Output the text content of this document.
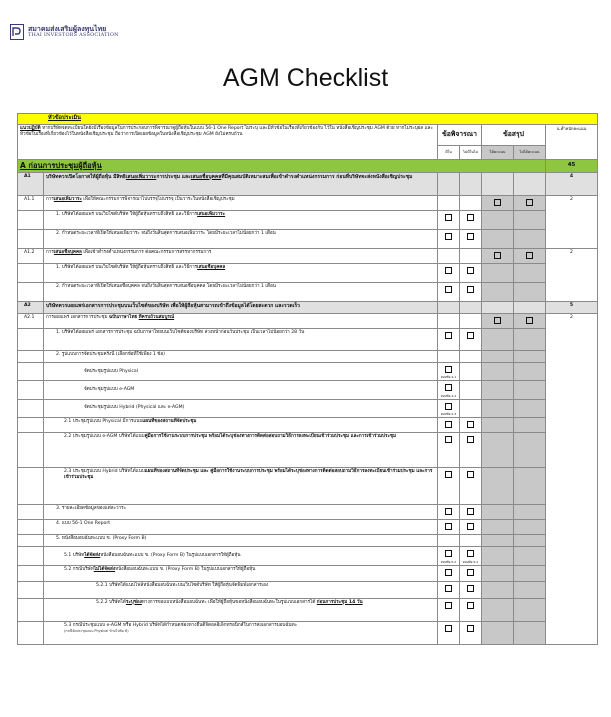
สมาคมส่งเสริมผู้ลงทุนไทย
THAI INVESTORS ASSOCIATION
AGM Checklist
หัวข้อประเมิน						
แนวปฏิบัติ หากบริษัทจดทะเบียนใดยังมีเรื่องข้อมูลในการประกอบการพิจารณาดูผู้ถือหุ้นในแบบ 56-1 One Report ไม่ระบุ และมีหัวข้อในเรื่องที่เกี่ยวข้องกับ ไว้ใน หนังสือเชิญประชุม AGM ด้วย หากไม่ระบุผล และหัวข้อในเรื่องที่เกี่ยวข้องไว้ในหนังสือเชิญประชุม ถือว่าการเปิดเผยข้อมูลในหนังสือเชิญประชุม AGM ยังไม่ครบถ้วน		ข้อพิจารณา		ข้อสรุป		น.ค้ำหนักคะแนน
		มีใน	ไม่มีในไม่	ได้คะแนน	ไม่ได้คะแนน	
A ก่อนการประชุมผู้ถือหุ้น						45
A1	บริษัทควรเปิดโอกาสให้ผู้ถือหุ้น มีสิทธิเสนอเพิ่มวาระการประชุม และเสนอชื่อบุคคลที่มีคุณสมบัติเหมาะสมเพื่อเข้าดำรงตำแหน่งกรรมการ ก่อนที่บริษัทจะส่งหนังสือเชิญประชุม					4
A1.1	การเสนอเพิ่มวาระ เพื่อให้คณะกรรมการพิจารณาไปบรรจุไม่บรรจุ เป็นวาระในหนังสือเชิญประชุม					2
	1. บริษัทได้เผยแพร่ บนเว็บไซต์บริษัท ให้ผู้ถือหุ้นทราบถึงสิทธิ และวิธีการเสนอเพิ่มวาระ					
	2. กำหนดระยะเวลาที่เปิดให้เสนอเพิ่มวาระ จนถึงวันสิ้นสุดการเสนอเพิ่มวาระ โดยมีระยะเวลาไม่น้อยกว่า 1 เดือน					
A1.2	การเสนอชื่อบุคคล เพื่อเข้าดำรงตำแหน่งกรรมการ ต่อคณะกรรมการสรรหากรรมการ					2
	1. บริษัทได้เผยแพร่ บนเว็บไซต์บริษัท ให้ผู้ถือหุ้นทราบถึงสิทธิ และวิธีการเสนอชื่อบุคคล					
	2. กำหนดระยะเวลาที่เปิดให้เสนอชื่อบุคคล จนถึงวันสิ้นสุดการเสนอชื่อบุคคล โดยมีระยะเวลาไม่น้อยกว่า 1 เดือน					
A2	บริษัทควรเผยแพร่เอกสารการประชุมบนเว็บไซต์ของบริษัท เพื่อให้ผู้ถือหุ้นสามารถเข้าถึงข้อมูลได้โดยสะดวก และรวดเร็ว					5
A2.1	การเผยแพร่ เอกสารการประชุม ฉบับภาษาไทย ที่ครบถ้วนสมบูรณ์					2
	1. บริษัทได้เผยแพร่ เอกสารการประชุม ฉบับภาษาไทยบนเว็บไซต์ของบริษัท ล่วงหน้าก่อนวันประชุม เป็นเวลาไม่น้อยกว่า 28 วัน					
	2. รูปแบบการจัดประชุมครั้งนี้ (เลือกข้อที่ใช้เพียง 1 ข้อ)					
	จัดประชุมรูปแบบ Physical	ตอบข้อ 2.1				

	จัดประชุมรูปแบบ e-AGM	ตอบข้อ 2.2				

	จัดประชุมรูปแบบ Hybrid (Physical และ e-AGM)	ตอบข้อ 2.3				

	2.1 ประชุมรูปแบบ Physical มีการแนบแผนที่ของสถานที่จัดประชุม					
	2.2 ประชุมรูปแบบ e-AGM บริษัทได้แนบคู่มือการใช้งานระบบการประชุม พร้อมได้ระบุช่องทางการติดต่อสอบถามวิธีการลงทะเบียนเข้าร่วมประชุม และการเข้าร่วมประชุม					
	2.3 ประชุมรูปแบบ Hybrid บริษัทได้แนบแผนที่ของสถานที่จัดประชุม และ คู่มือการใช้งานระบบการประชุม พร้อมได้ระบุช่องทางการติดต่อสอบถามวิธีการลงทะเบียนเข้าร่วมประชุม และการเข้าร่วมประชุม					
	3. รายละเอียดข้อมูลของแต่ละวาระ					
	4. แบบ 56-1 One Report					
	5. หนังสือมอบฉันทะแบบ ข. (Proxy Form B)					
	5.1 บริษัทได้จัดส่งหนังสือมอบฉันทะแบบ ข. (Proxy Form B) ในรูปแบบเอกสารให้ผู้ถือหุ้น	ตอบข้อ 5.2	ตอบข้อ 5.2			

	5.2 กรณีบริษัทไม่ได้จัดส่งหนังสือมอบฉันทะแบบ ข. (Proxy Form B) ในรูปแบบเอกสารให้ผู้ถือหุ้น					
	5.2.1 บริษัทได้แนบไฟล์หนังสือมอบฉันทะบนเว็บไซต์บริษัท ให้ผู้ถือหุ้นจัดพิมพ์เอกสารเอง					
	5.2.2 บริษัทได้ระบุช่องทางการขอแบบหนังสือมอบฉันทะ เพื่อให้ผู้ถือหุ้นขอหนังสือมอบฉันทะในรูปแบบเอกสารได้ ก่อนการประชุม 14 วัน					
	5.3 กรณีประชุมแบบ e-AGM หรือ Hybrid บริษัทได้กำหนดช่องทางยื่นดิจิตอลอิเล็กทรอนิกส์ในการส่งเอกสารมอบฉันทะ
(กรณีจัดประชุมแบบ Physical ข้ามไปข้อ 6)					
